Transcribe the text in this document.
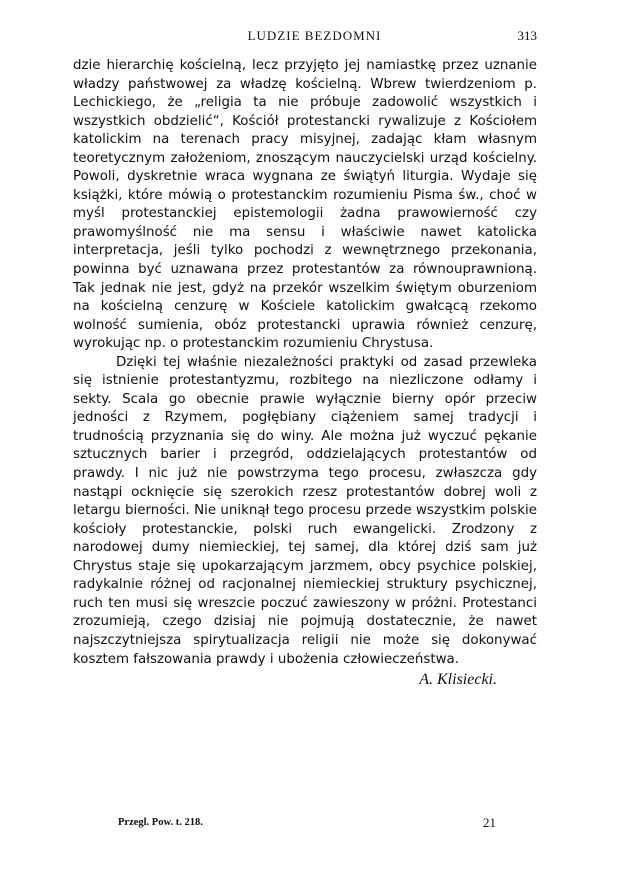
LUDZIE BEZDOMNI	313

dzie hierarchię kościelną, lecz przyjęto jej namiastkę przez uznanie władzy państwowej za władzę kościelną. Wbrew twierdzeniom p. Lechickiego, że „religia ta nie próbuje zadowolić wszystkich i wszystkich obdzielić“, Kościół protestancki rywalizuje z Kościołem katolickim na terenach pracy misyjnej, zadając kłam własnym teoretycznym założeniom, znoszącym nauczycielski urząd kościelny. Powoli, dyskretnie wraca wygnana ze świątyń liturgia. Wydaje się książki, które mówią o protestanckim rozumieniu Pisma św., choć w myśl protestanckiej epistemologii żadna prawowierność czy prawomyślność nie ma sensu i właściwie nawet katolicka interpretacja, jeśli tylko pochodzi z wewnętrznego przekonania, powinna być uznawana przez protestantów za równouprawnioną. Tak jednak nie jest, gdyż na przekór wszelkim świętym oburzeniom na kościelną cenzurę w Kościele katolickim gwałcącą rzekomo wolność sumienia, obóz protestancki uprawia również cenzurę, wyrokując np. o protestanckim rozumieniu Chrystusa.

Dzięki tej właśnie niezależności praktyki od zasad przewleka się istnienie protestantyzmu, rozbitego na niezliczone odłamy i sekty. Scala go obecnie prawie wyłącznie bierny opór przeciw jedności z Rzymem, pogłębiany ciążeniem samej tradycji i trudnością przyznania się do winy. Ale można już wyczuć pękanie sztucznych barier i przegród, oddzielających protestantów od prawdy. I nic już nie powstrzyma tego procesu, zwłaszcza gdy nastąpi ocknięcie się szerokich rzesz protestantów dobrej woli z letargu bierności. Nie uniknął tego procesu przede wszystkim polskie kościoły protestanckie, polski ruch ewangelicki. Zrodzony z narodowej dumy niemieckiej, tej samej, dla której dziś sam już Chrystus staje się upokarzającym jarzmem, obcy psychice polskiej, radykalnie różnej od racjonalnej niemieckiej struktury psychicznej, ruch ten musi się wreszcie poczuć zawieszony w próżni. Protestanci zrozumieją, czego dzisiaj nie pojmują dostatecznie, że nawet najszczytniejsza spirytualizacja religii nie może się dokonywać kosztem fałszowania prawdy i ubożenia człowieczeństwa.

A. Klisiecki.
Przegl. Pow. t. 218.	21
